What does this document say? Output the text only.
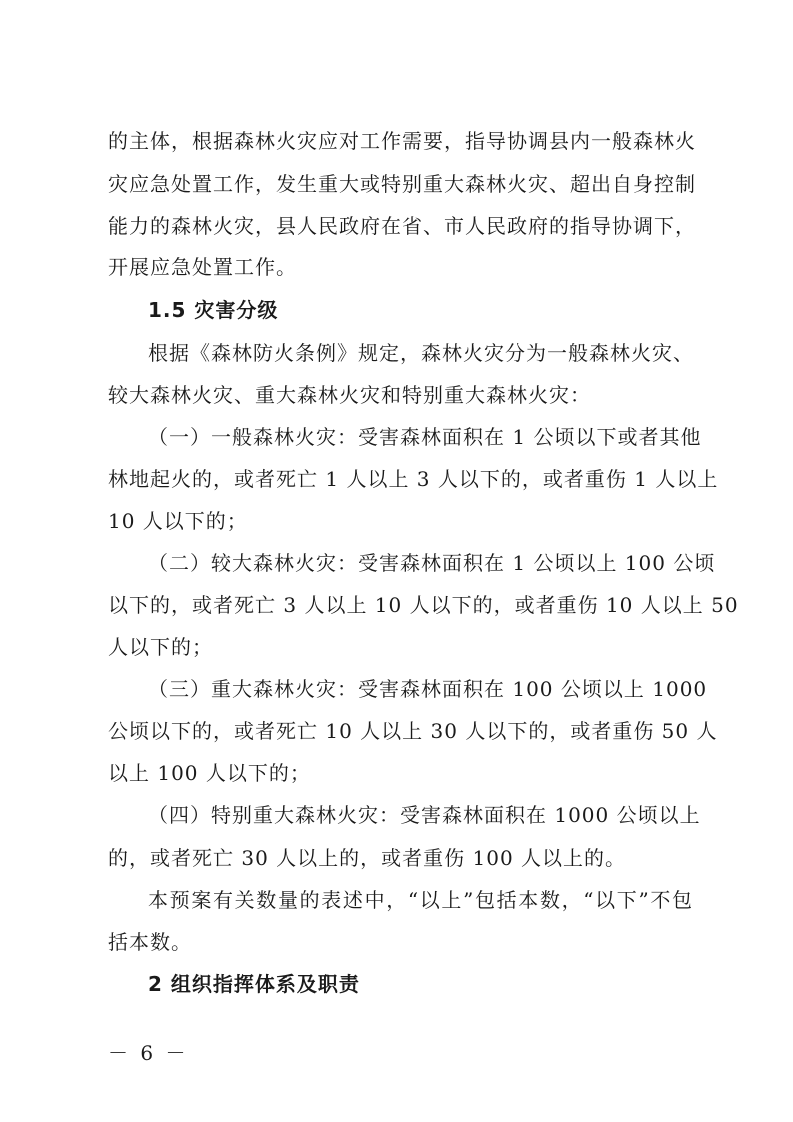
的主体，根据森林火灾应对工作需要，指导协调县内一般森林火
灾应急处置工作，发生重大或特别重大森林火灾、超出自身控制
能力的森林火灾，县人民政府在省、市人民政府的指导协调下，
开展应急处置工作。
1.5 灾害分级
根据《森林防火条例》规定，森林火灾分为一般森林火灾、
较大森林火灾、重大森林火灾和特别重大森林火灾：
（一）一般森林火灾：受害森林面积在 1 公顷以下或者其他
林地起火的，或者死亡 1 人以上 3 人以下的，或者重伤 1 人以上
10 人以下的；
（二）较大森林火灾：受害森林面积在 1 公顷以上 100 公顷
以下的，或者死亡 3 人以上 10 人以下的，或者重伤 10 人以上 50
人以下的；
（三）重大森林火灾：受害森林面积在 100 公顷以上 1000
公顷以下的，或者死亡 10 人以上 30 人以下的，或者重伤 50 人
以上 100 人以下的；
（四）特别重大森林火灾：受害森林面积在 1000 公顷以上
的，或者死亡 30 人以上的，或者重伤 100 人以上的。
本预案有关数量的表述中，“以上”包括本数，“以下”不包
括本数。
2 组织指挥体系及职责
－ 6 －
